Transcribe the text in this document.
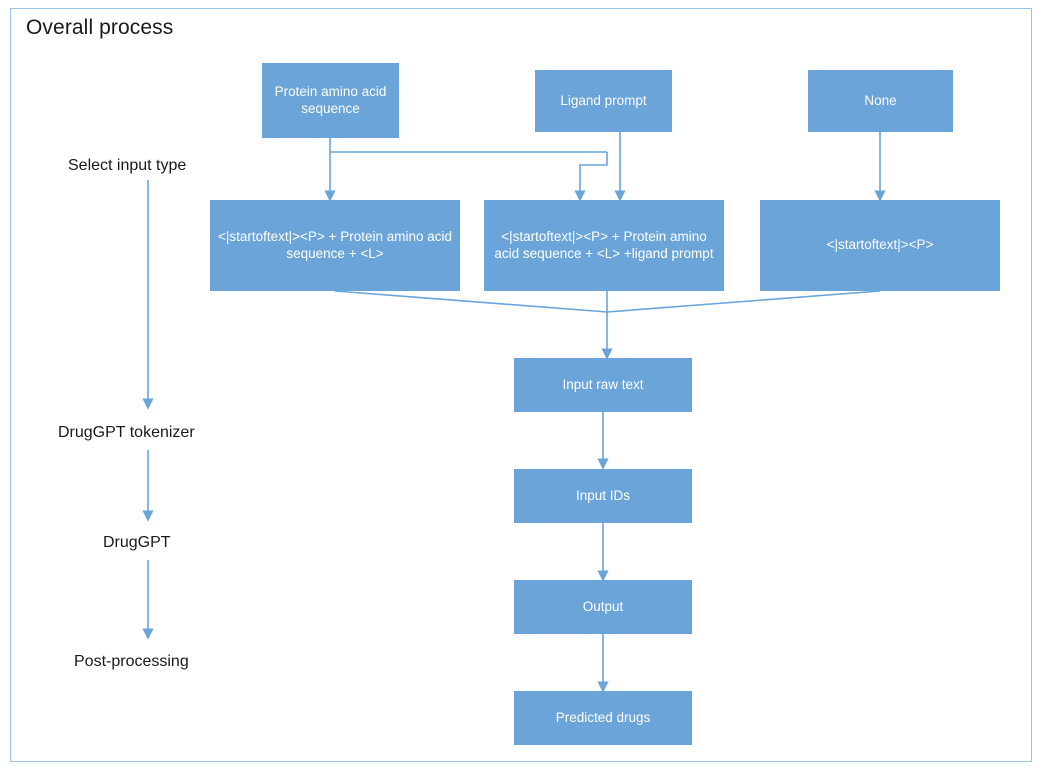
Overall process
Protein amino acid sequence
Ligand prompt	None
<|startoftext|><P> + Protein amino acid sequence + <L>
<|startoftext|><P> + Protein amino acid sequence + <L> +ligand prompt
<|startoftext|><P>
Input raw text
Input IDs
Output
Predicted drugs
Select input type
DrugGPT tokenizer
DrugGPT
Post-processing
